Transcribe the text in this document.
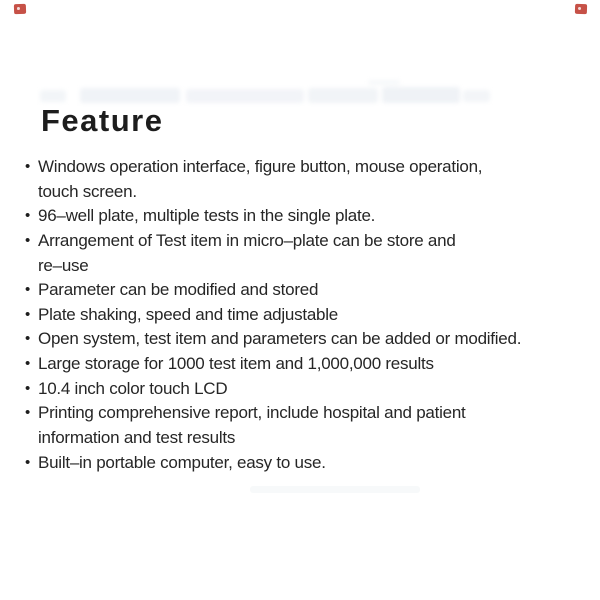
Feature
• Windows operation interface, figure button, mouse operation,
touch screen.
• 96–well plate, multiple tests in the single plate.
• Arrangement of Test item in micro–plate can be store and
re–use
• Parameter can be modified and stored
• Plate shaking, speed and time adjustable
• Open system, test item and parameters can be added or modified.
• Large storage for 1000 test item and 1,000,000 results
• 10.4 inch color touch LCD
• Printing comprehensive report, include hospital and patient
information and test results
• Built–in portable computer, easy to use.
